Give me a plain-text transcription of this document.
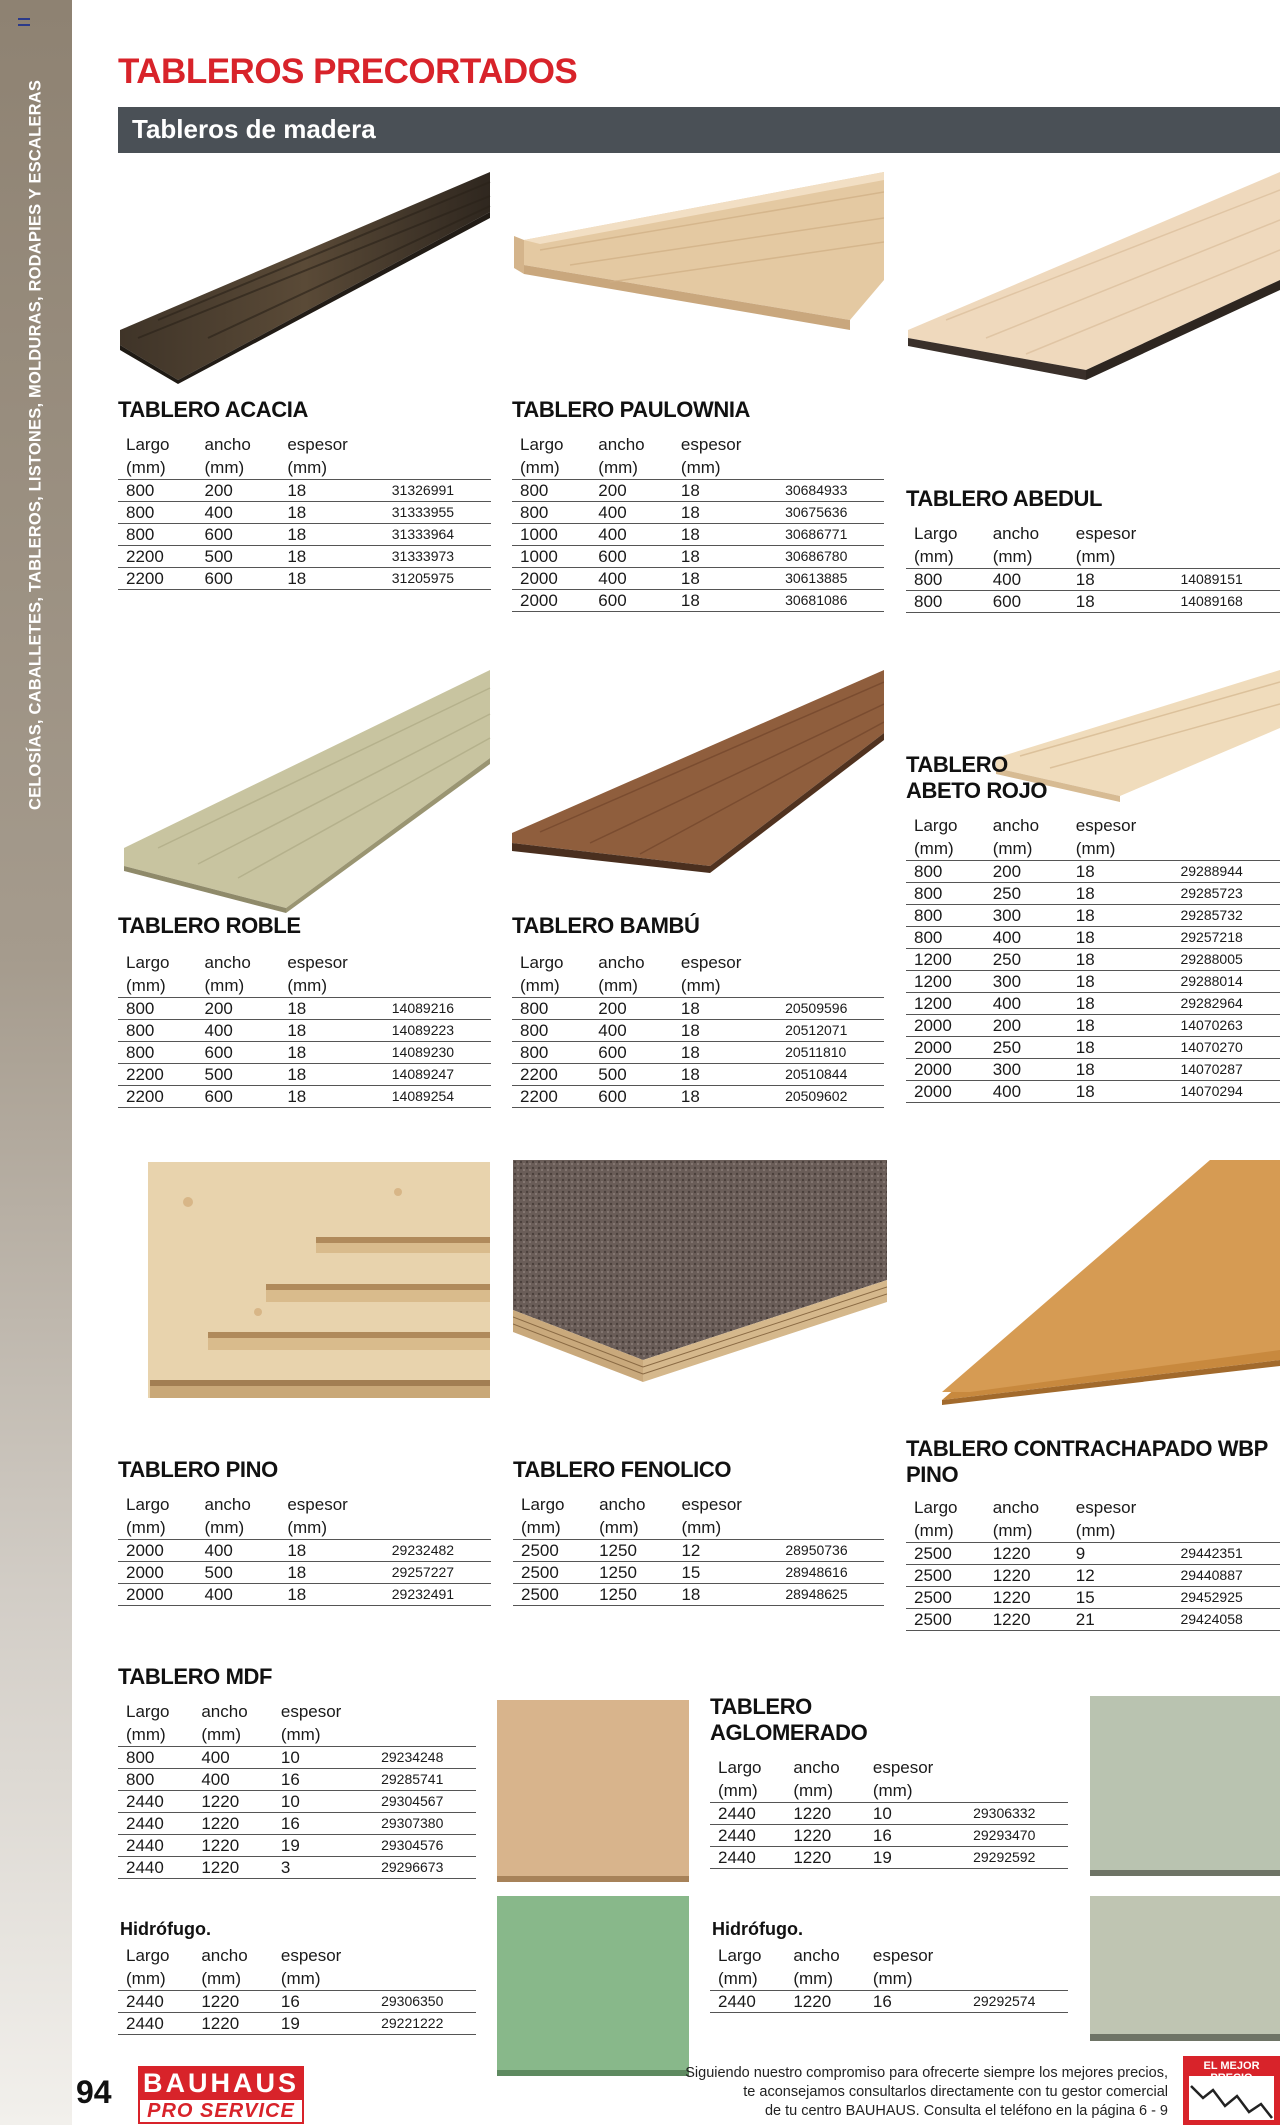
CELOSÍAS, CABALLETES, TABLEROS, LISTONES, MOLDURAS, RODAPIES Y ESCALERAS
TABLEROS PRECORTADOS
Tableros de madera
TABLERO ACACIA
Largo	ancho	espesor	
(mm)	(mm)	(mm)	
800	200	18	31326991
800	400	18	31333955
800	600	18	31333964
2200	500	18	31333973
2200	600	18	31205975
TABLERO PAULOWNIA
Largo	ancho	espesor	
(mm)	(mm)	(mm)	
800	200	18	30684933
800	400	18	30675636
1000	400	18	30686771
1000	600	18	30686780
2000	400	18	30613885
2000	600	18	30681086
TABLERO ABEDUL
Largo	ancho	espesor	
(mm)	(mm)	(mm)	
800	400	18	14089151
800	600	18	14089168
TABLERO ROBLE
Largo	ancho	espesor	
(mm)	(mm)	(mm)	
800	200	18	14089216
800	400	18	14089223
800	600	18	14089230
2200	500	18	14089247
2200	600	18	14089254
TABLERO BAMBÚ
Largo	ancho	espesor	
(mm)	(mm)	(mm)	
800	200	18	20509596
800	400	18	20512071
800	600	18	20511810
2200	500	18	20510844
2200	600	18	20509602
TABLERO
ABETO ROJO
Largo	ancho	espesor	
(mm)	(mm)	(mm)	
800	200	18	29288944
800	250	18	29285723
800	300	18	29285732
800	400	18	29257218
1200	250	18	29288005
1200	300	18	29288014
1200	400	18	29282964
2000	200	18	14070263
2000	250	18	14070270
2000	300	18	14070287
2000	400	18	14070294
TABLERO PINO
Largo	ancho	espesor	
(mm)	(mm)	(mm)	
2000	400	18	29232482
2000	500	18	29257227
2000	400	18	29232491
TABLERO FENOLICO
Largo	ancho	espesor	
(mm)	(mm)	(mm)	
2500	1250	12	28950736
2500	1250	15	28948616
2500	1250	18	28948625
TABLERO CONTRACHAPADO WBP PINO
Largo	ancho	espesor	
(mm)	(mm)	(mm)	
2500	1220	9	29442351
2500	1220	12	29440887
2500	1220	15	29452925
2500	1220	21	29424058
TABLERO MDF
Largo	ancho	espesor	
(mm)	(mm)	(mm)	
800	400	10	29234248
800	400	16	29285741
2440	1220	10	29304567
2440	1220	16	29307380
2440	1220	19	29304576
2440	1220	3	29296673
Hidrófugo.
Largo	ancho	espesor	
(mm)	(mm)	(mm)	
2440	1220	16	29306350
2440	1220	19	29221222
TABLERO
AGLOMERADO
Largo	ancho	espesor	
(mm)	(mm)	(mm)	
2440	1220	10	29306332
2440	1220	16	29293470
2440	1220	19	29292592
Hidrófugo.
Largo	ancho	espesor	
(mm)	(mm)	(mm)	
2440	1220	16	29292574
94 BAUHAUS
PRO SERVICE
Siguiendo nuestro compromiso para ofrecerte siempre los mejores precios,
te aconsejamos consultarlos directamente con tu gestor comercial
de tu centro BAUHAUS. Consulta el teléfono en la página 6 - 9
EL MEJOR
